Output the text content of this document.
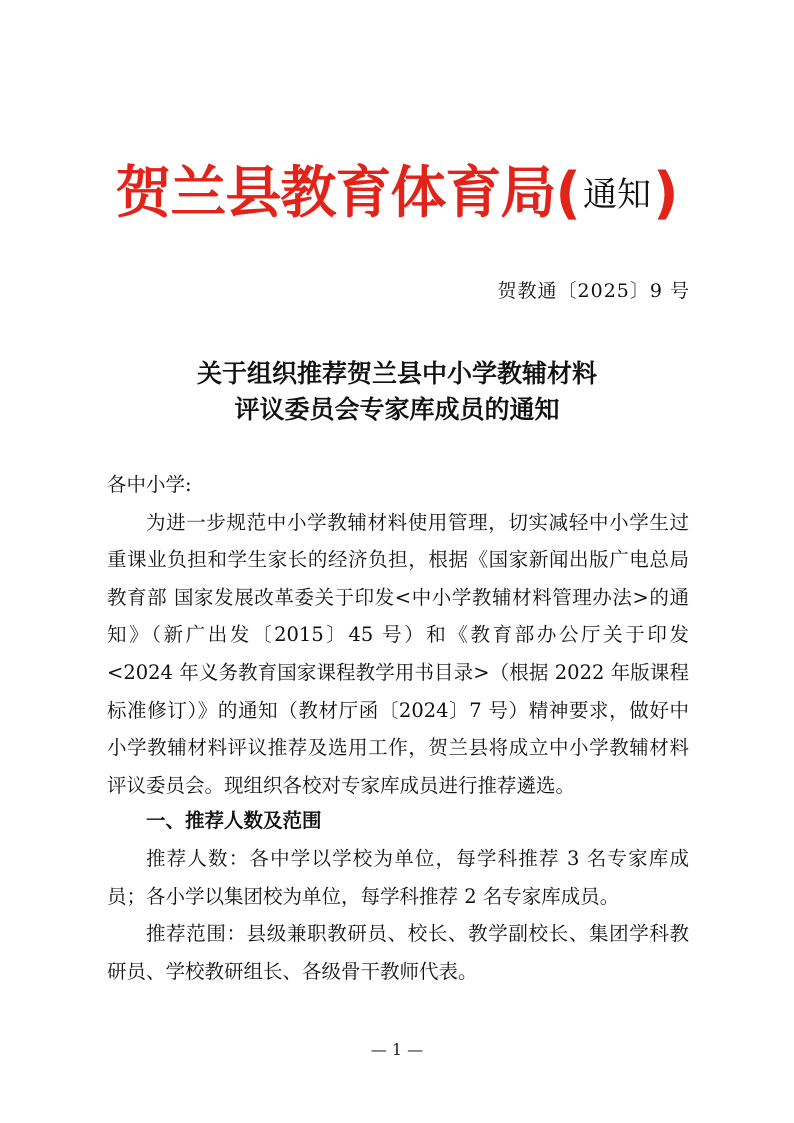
贺兰县教育体育局(通知)
贺教通〔2025〕9 号
关于组织推荐贺兰县中小学教辅材料
评议委员会专家库成员的通知

各中小学:

为进一步规范中小学教辅材料使用管理，切实减轻中小学生过重课业负担和学生家长的经济负担，根据《国家新闻出版广电总局 教育部 国家发展改革委关于印发<中小学教辅材料管理办法>的通知》（新广出发〔2015〕45 号）和《教育部办公厅关于印发<2024 年义务教育国家课程教学用书目录>（根据 2022 年版课程标准修订）》的通知（教材厅函〔2024〕7 号）精神要求，做好中小学教辅材料评议推荐及选用工作，贺兰县将成立中小学教辅材料评议委员会。现组织各校对专家库成员进行推荐遴选。

一、推荐人数及范围

推荐人数：各中学以学校为单位，每学科推荐 3 名专家库成员；各小学以集团校为单位，每学科推荐 2 名专家库成员。

推荐范围：县级兼职教研员、校长、教学副校长、集团学科教研员、学校教研组长、各级骨干教师代表。

— 1 —
